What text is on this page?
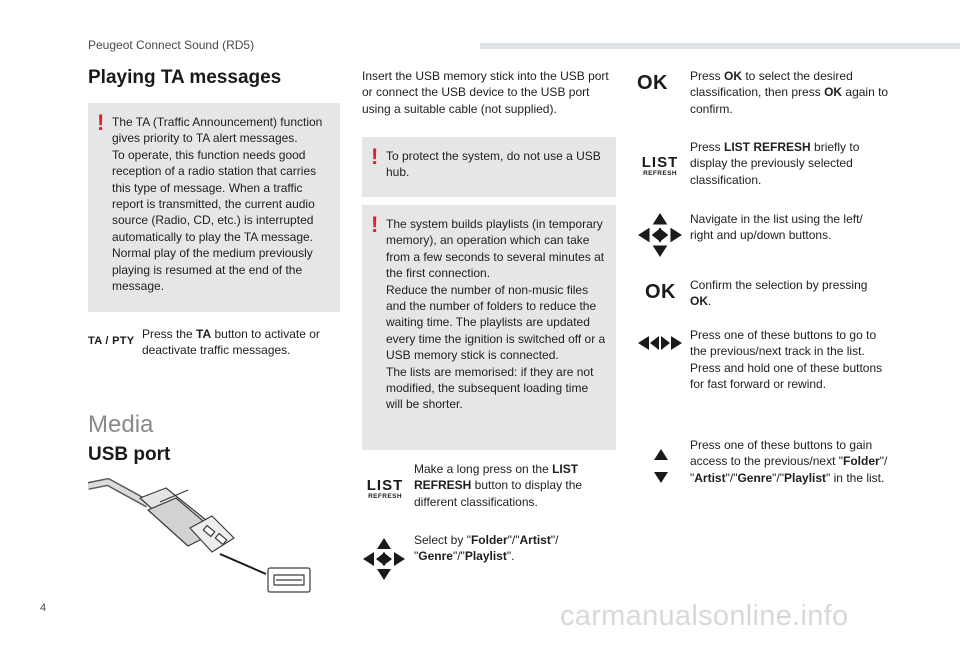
Peugeot Connect Sound (RD5)
Playing TA messages
! The TA (Traffic Announcement) function gives priority to TA alert messages.

To operate, this function needs good reception of a radio station that carries this type of message. When a traffic report is transmitted, the current audio source (Radio, CD, etc.) is interrupted automatically to play the TA message. Normal play of the medium previously playing is resumed at the end of the message.

TA / PTY Press the TA button to activate or deactivate traffic messages.

Media
USB port

Insert the USB memory stick into the USB port or connect the USB device to the USB port using a suitable cable (not supplied).

! To protect the system, do not use a USB hub.

! The system builds playlists (in temporary memory), an operation which can take from a few seconds to several minutes at the first connection.

Reduce the number of non-music files and the number of folders to reduce the waiting time. The playlists are updated every time the ignition is switched off or a USB memory stick is connected.

The lists are memorised: if they are not modified, the subsequent loading time will be shorter.

LIST
REFRESH

Make a long press on the LIST REFRESH button to display the different classifications.

Select by "Folder"/"Artist"/ "Genre"/"Playlist".

OK Press OK to select the desired classification, then press OK again to confirm.

LIST
REFRESH

Press LIST REFRESH briefly to display the previously selected classification.

Navigate in the list using the left/ right and up/down buttons.

OK Confirm the selection by pressing OK.

Press one of these buttons to go to the previous/next track in the list. Press and hold one of these buttons for fast forward or rewind.

Press one of these buttons to gain access to the previous/next "Folder"/ "Artist"/"Genre"/"Playlist" in the list.

4	carmanualsonline.info
